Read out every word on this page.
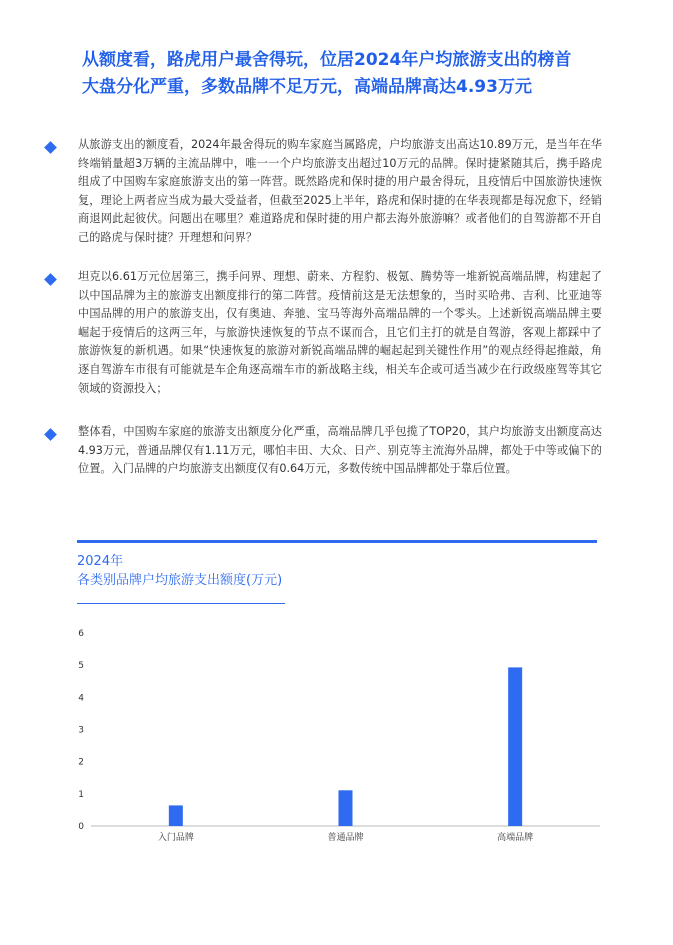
从额度看，路虎用户最舍得玩，位居2024年户均旅游支出的榜首
大盘分化严重，多数品牌不足万元，高端品牌高达4.93万元

从旅游支出的额度看，2024年最舍得玩的购车家庭当属路虎，户均旅游支出高达10.89万元，是当年在华终端销量超3万辆的主流品牌中，唯一一个户均旅游支出超过10万元的品牌。保时捷紧随其后，携手路虎组成了中国购车家庭旅游支出的第一阵营。既然路虎和保时捷的用户最舍得玩，且疫情后中国旅游快速恢复，理论上两者应当成为最大受益者，但截至2025上半年，路虎和保时捷的在华表现都是每况愈下，经销商退网此起彼伏。问题出在哪里？难道路虎和保时捷的用户都去海外旅游嘛？或者他们的自驾游都不开自己的路虎与保时捷？开理想和问界？

坦克以6.61万元位居第三，携手问界、理想、蔚来、方程豹、极氪、腾势等一堆新锐高端品牌，构建起了以中国品牌为主的旅游支出额度排行的第二阵营。疫情前这是无法想象的，当时买哈弗、吉利、比亚迪等中国品牌的用户的旅游支出，仅有奥迪、奔驰、宝马等海外高端品牌的一个零头。上述新锐高端品牌主要崛起于疫情后的这两三年，与旅游快速恢复的节点不谋而合，且它们主打的就是自驾游，客观上都踩中了旅游恢复的新机遇。如果“快速恢复的旅游对新锐高端品牌的崛起起到关键性作用”的观点经得起推敲，角逐自驾游车市很有可能就是车企角逐高端车市的新战略主线，相关车企或可适当减少在行政级座驾等其它领域的资源投入；

整体看，中国购车家庭的旅游支出额度分化严重，高端品牌几乎包揽了TOP20，其户均旅游支出额度高达4.93万元，普通品牌仅有1.11万元，哪怕丰田、大众、日产、别克等主流海外品牌，都处于中等或偏下的位置。入门品牌的户均旅游支出额度仅有0.64万元，多数传统中国品牌都处于靠后位置。

2024年
各类别品牌户均旅游支出额度(万元)
0
1
2
3
4
5
6
入门品牌	普通品牌	高端品牌
